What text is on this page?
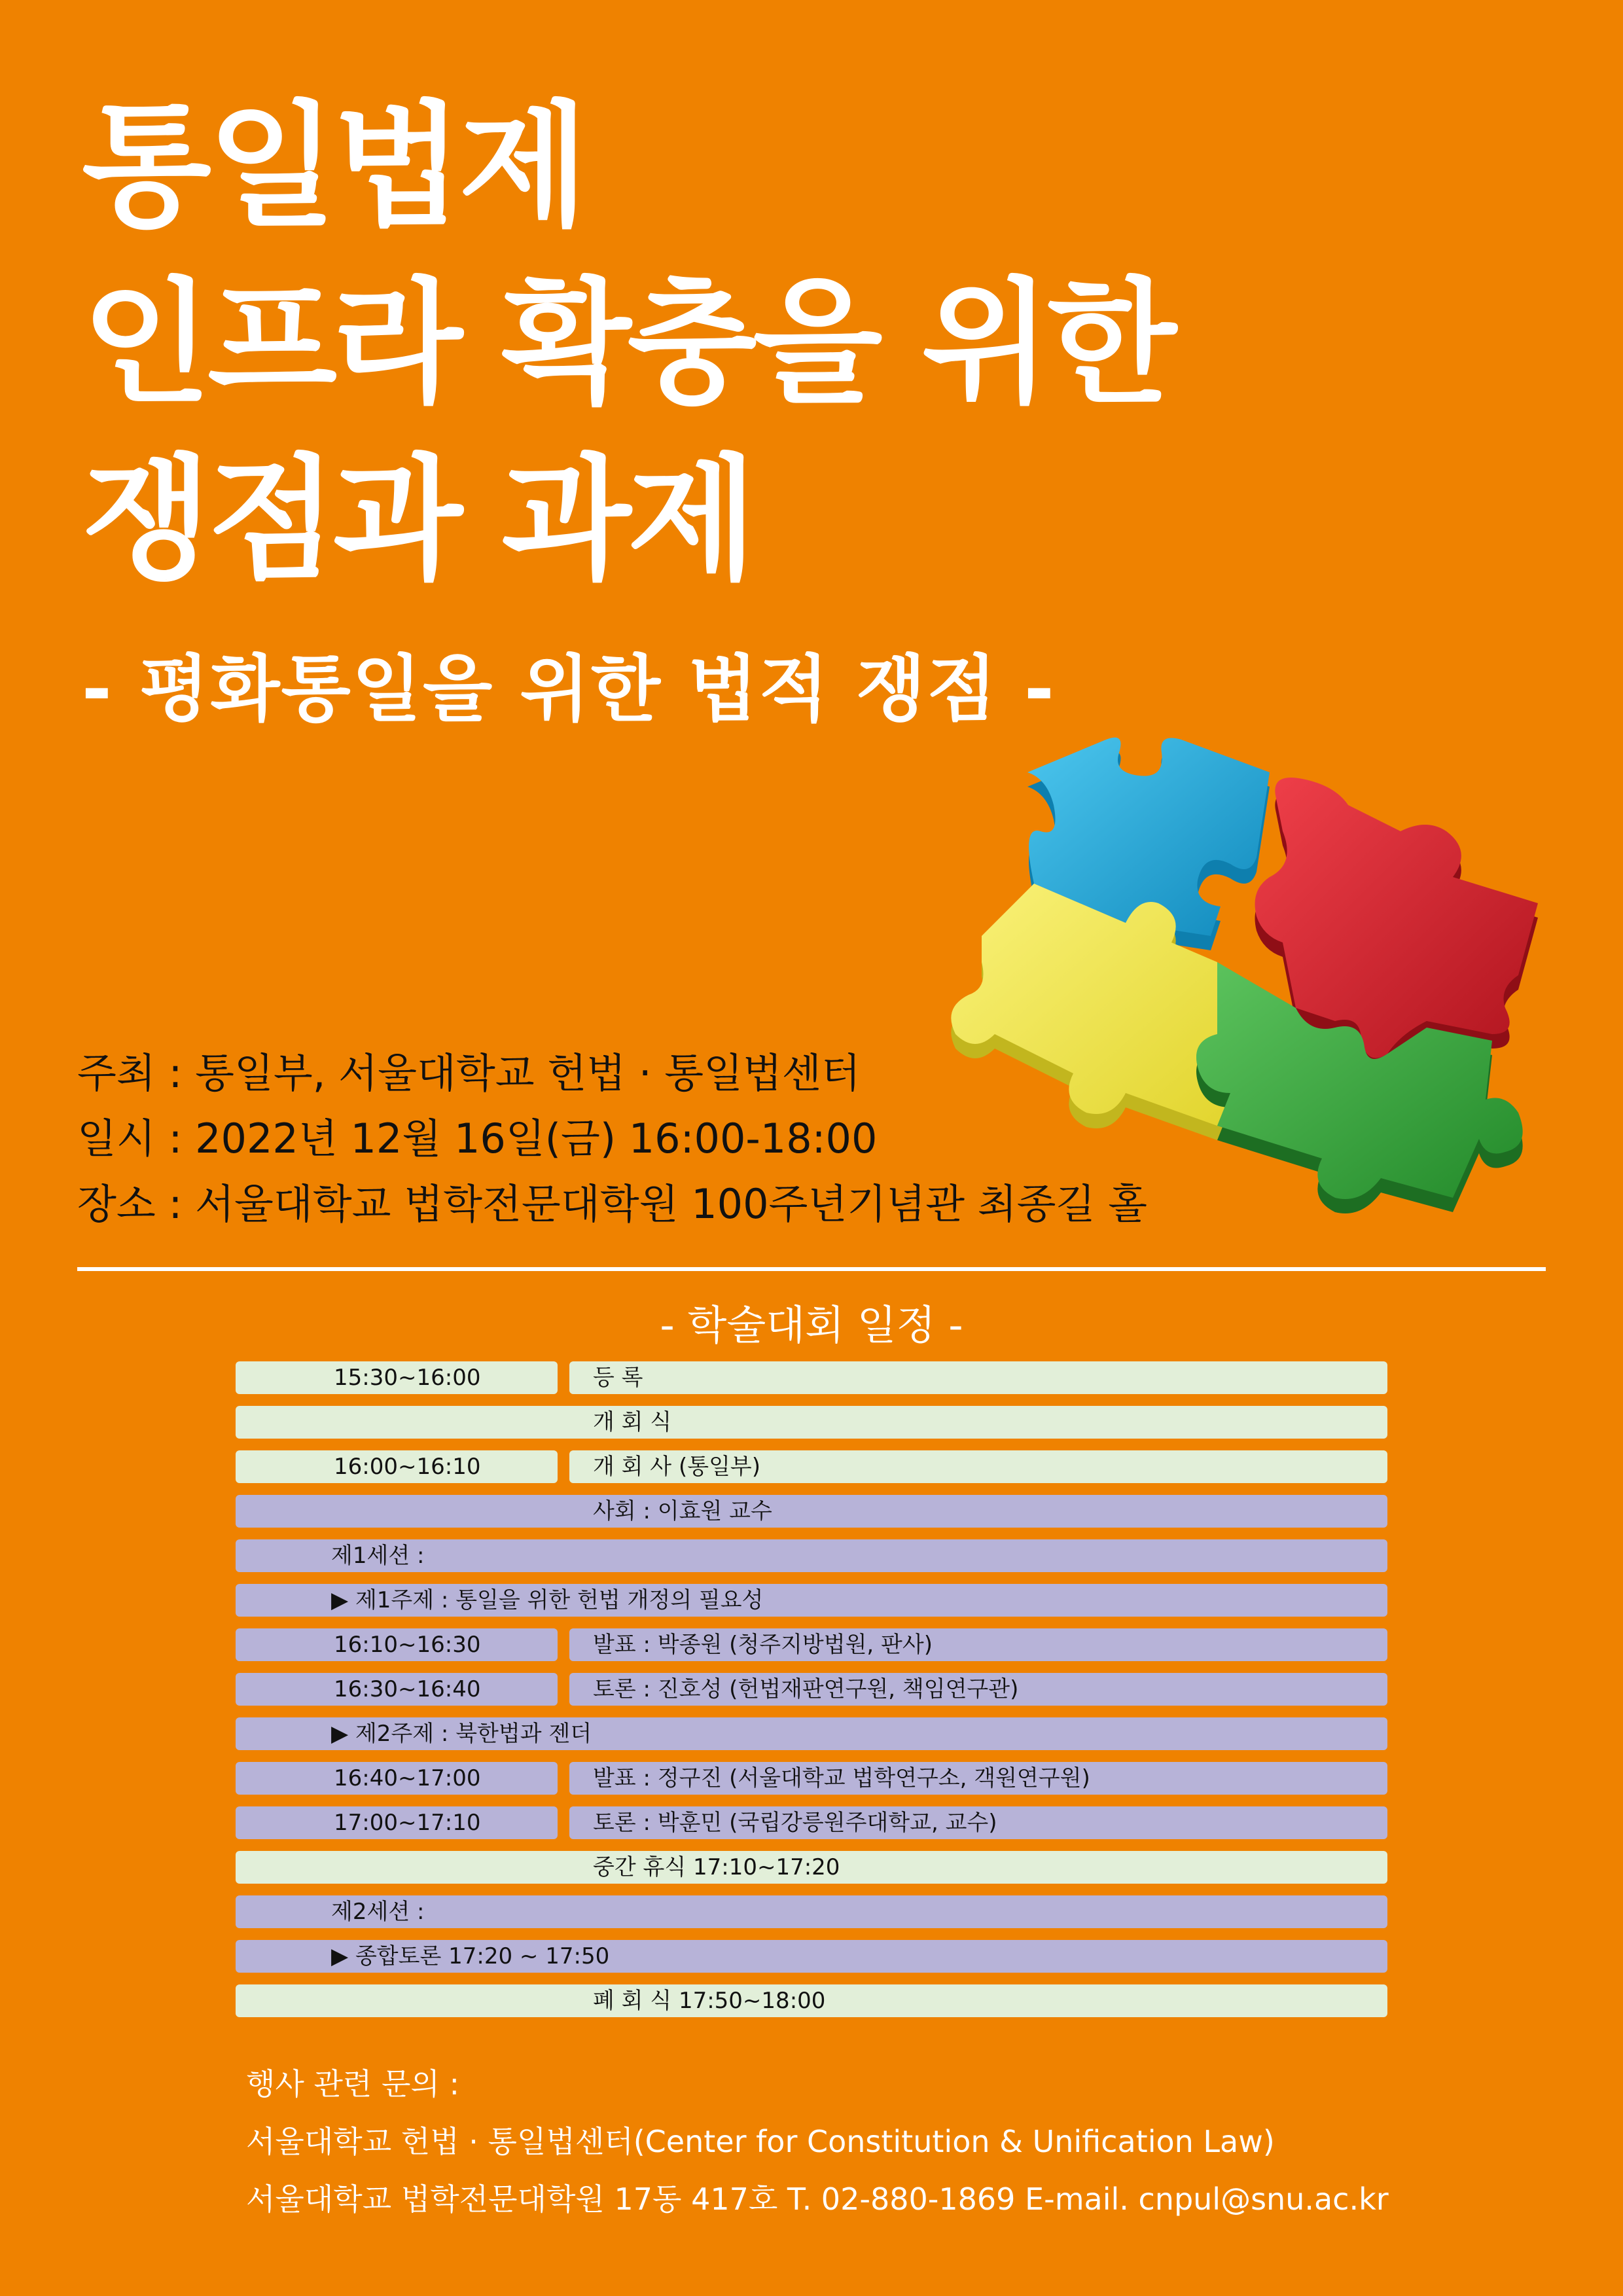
통일법제
인프라 확충을 위한
쟁점과 과제
- 평화통일을 위한 법적 쟁점 -
주최 : 통일부, 서울대학교 헌법 · 통일법센터
일시 : 2022년 12월 16일(금) 16:00-18:00
장소 : 서울대학교 법학전문대학원 100주년기념관 최종길 홀
- 학술대회 일정 -
15:30~16:00	등 록
개 회 식
16:00~16:10	개 회 사 (통일부)
사회 : 이효원 교수
제1세션 :
▶ 제1주제 : 통일을 위한 헌법 개정의 필요성
16:10~16:30	발표 : 박종원 (청주지방법원, 판사)
16:30~16:40	토론 : 진호성 (헌법재판연구원, 책임연구관)
▶ 제2주제 : 북한법과 젠더
16:40~17:00	발표 : 정구진 (서울대학교 법학연구소, 객원연구원)
17:00~17:10	토론 : 박훈민 (국립강릉원주대학교, 교수)
중간 휴식 17:10~17:20
제2세션 :
▶ 종합토론 17:20 ~ 17:50
폐 회 식 17:50~18:00
행사 관련 문의 :
서울대학교 헌법 · 통일법센터(Center for Constitution & Unification Law)
서울대학교 법학전문대학원 17동 417호 T. 02-880-1869 E-mail. cnpul@snu.ac.kr
